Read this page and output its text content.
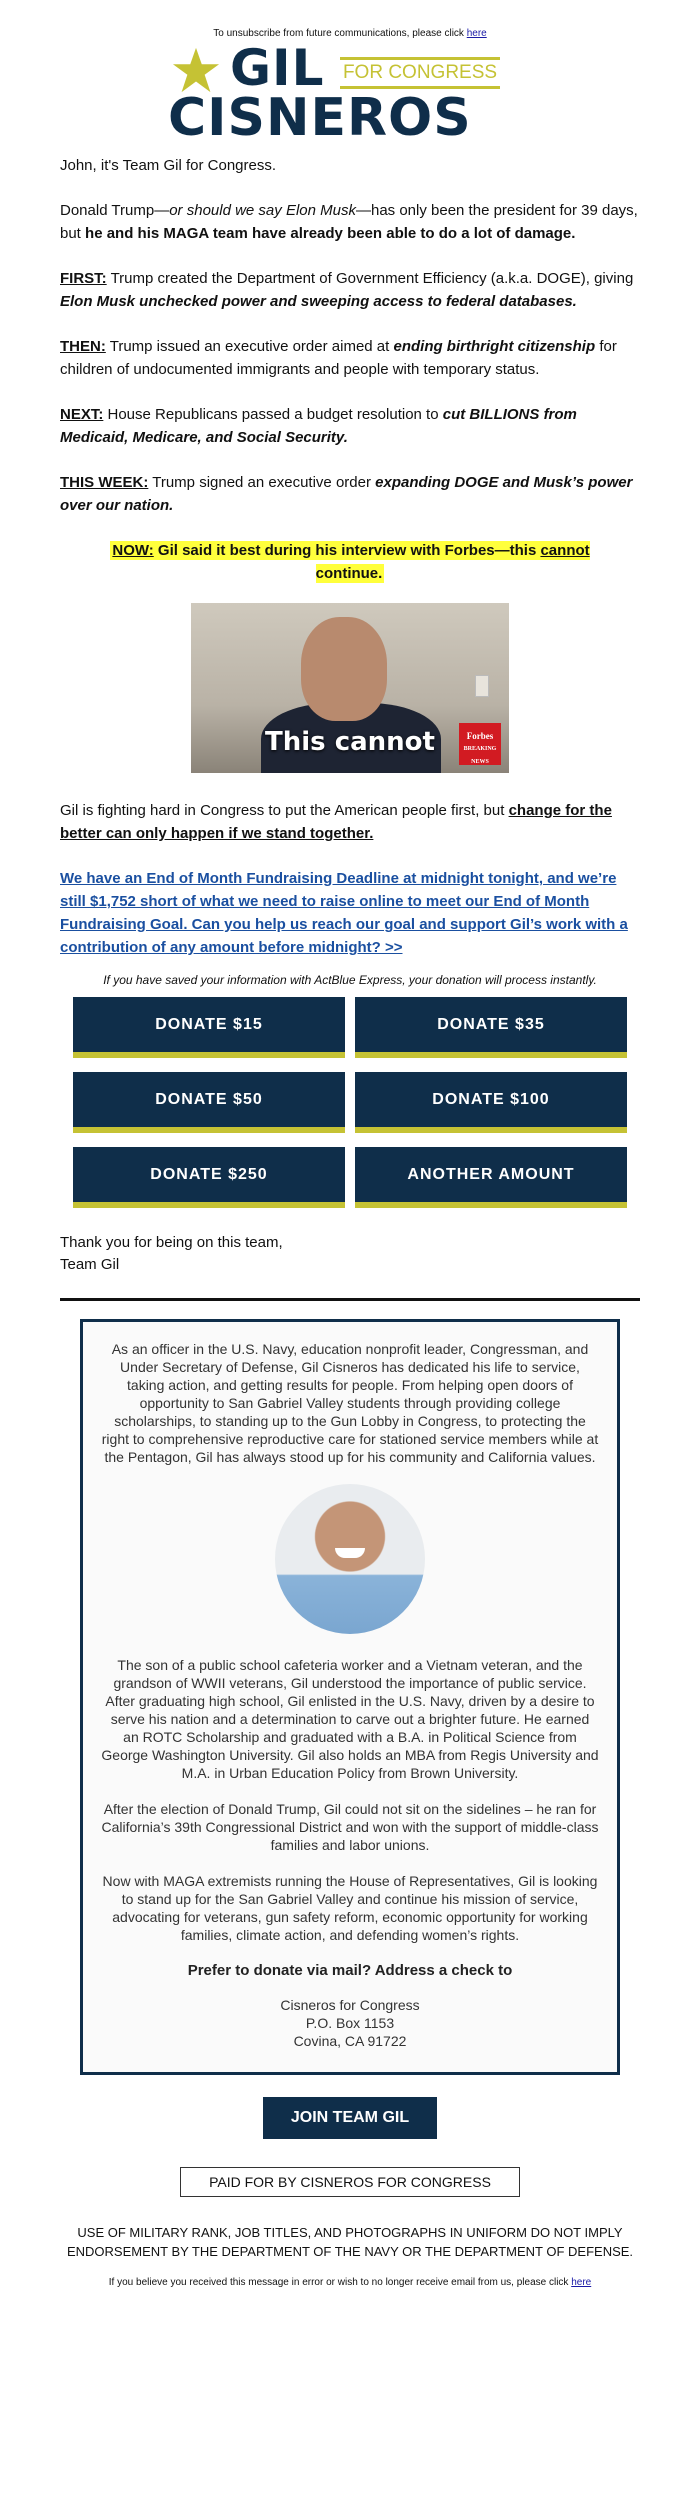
To unsubscribe from future communications, please click here
GIL FOR CONGRESS
CISNEROS

John, it's Team Gil for Congress.

Donald Trump—or should we say Elon Musk—has only been the president for 39 days, but he and his MAGA team have already been able to do a lot of damage.

FIRST: Trump created the Department of Government Efficiency (a.k.a. DOGE), giving Elon Musk unchecked power and sweeping access to federal databases.

THEN: Trump issued an executive order aimed at ending birthright citizenship for children of undocumented immigrants and people with temporary status.

NEXT: House Republicans passed a budget resolution to cut BILLIONS from Medicaid, Medicare, and Social Security.

THIS WEEK: Trump signed an executive order expanding DOGE and Musk’s power over our nation.

NOW: Gil said it best during his interview with Forbes—this cannot continue.

This cannot	Forbes
BREAKING NEWS

Gil is fighting hard in Congress to put the American people first, but change for the better can only happen if we stand together.

We have an End of Month Fundraising Deadline at midnight tonight, and we’re still $1,752 short of what we need to raise online to meet our End of Month Fundraising Goal. Can you help us reach our goal and support Gil’s work with a contribution of any amount before midnight? >>

If you have saved your information with ActBlue Express, your donation will process instantly.

DONATE $15	DONATE $35
DONATE $50	DONATE $100
DONATE $250	ANOTHER AMOUNT
Thank you for being on this team,
Team Gil

As an officer in the U.S. Navy, education nonprofit leader, Congressman, and Under Secretary of Defense, Gil Cisneros has dedicated his life to service, taking action, and getting results for people. From helping open doors of opportunity to San Gabriel Valley students through providing college scholarships, to standing up to the Gun Lobby in Congress, to protecting the right to comprehensive reproductive care for stationed service members while at the Pentagon, Gil has always stood up for his community and California values.

The son of a public school cafeteria worker and a Vietnam veteran, and the grandson of WWII veterans, Gil understood the importance of public service. After graduating high school, Gil enlisted in the U.S. Navy, driven by a desire to serve his nation and a determination to carve out a brighter future. He earned an ROTC Scholarship and graduated with a B.A. in Political Science from George Washington University. Gil also holds an MBA from Regis University and M.A. in Urban Education Policy from Brown University.

After the election of Donald Trump, Gil could not sit on the sidelines – he ran for California’s 39th Congressional District and won with the support of middle-class families and labor unions.

Now with MAGA extremists running the House of Representatives, Gil is looking to stand up for the San Gabriel Valley and continue his mission of service, advocating for veterans, gun safety reform, economic opportunity for working families, climate action, and defending women’s rights.

Prefer to donate via mail? Address a check to

Cisneros for Congress

P.O. Box 1153

Covina, CA 91722

JOIN TEAM GIL
PAID FOR BY CISNEROS FOR CONGRESS

USE OF MILITARY RANK, JOB TITLES, AND PHOTOGRAPHS IN UNIFORM DO NOT IMPLY ENDORSEMENT BY THE DEPARTMENT OF THE NAVY OR THE DEPARTMENT OF DEFENSE.

If you believe you received this message in error or wish to no longer receive email from us, please click here
